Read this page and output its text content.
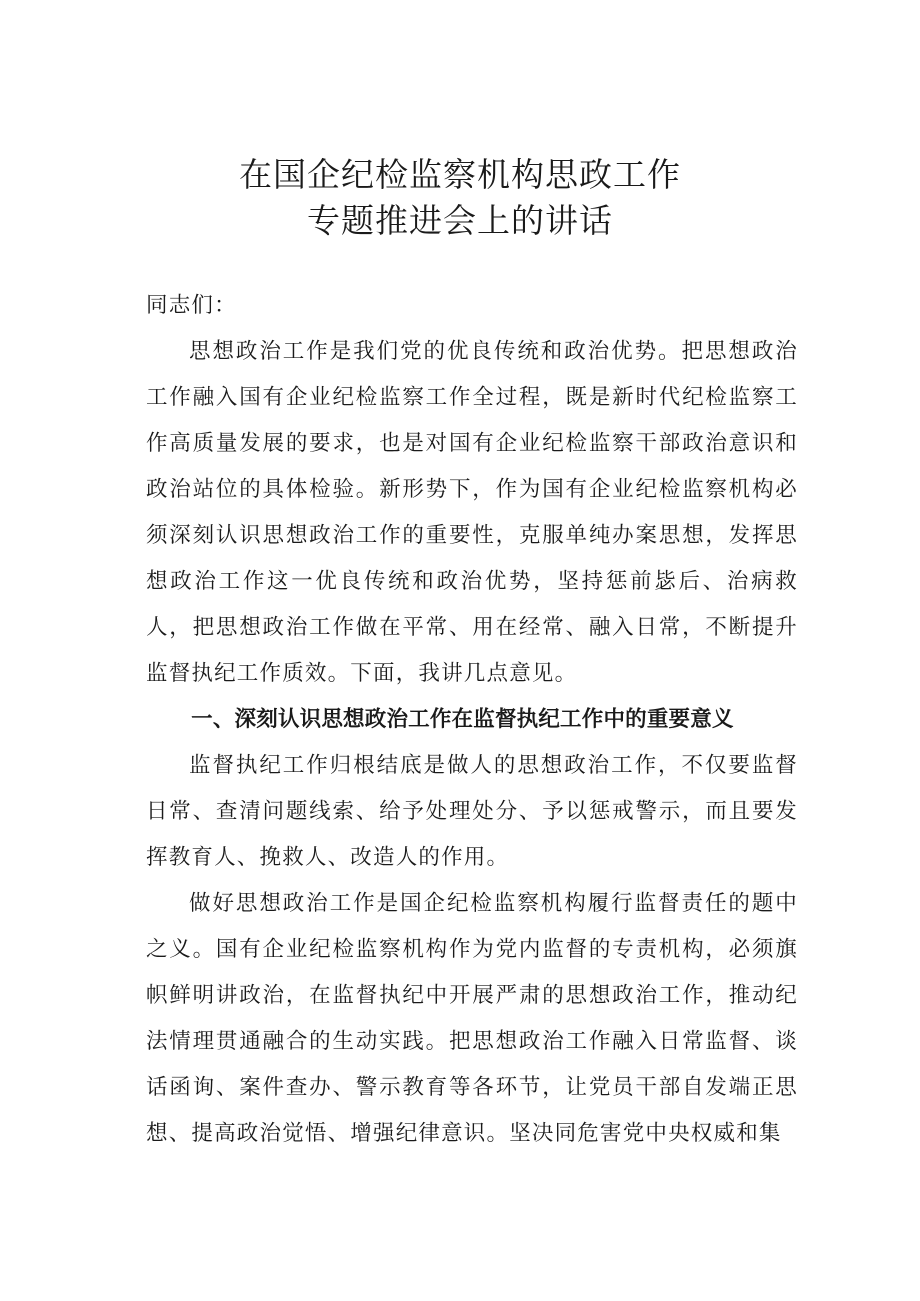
在国企纪检监察机构思政工作
专题推进会上的讲话

同志们：

思想政治工作是我们党的优良传统和政治优势。把思想政治工作融入国有企业纪检监察工作全过程，既是新时代纪检监察工作高质量发展的要求，也是对国有企业纪检监察干部政治意识和政治站位的具体检验。新形势下，作为国有企业纪检监察机构必须深刻认识思想政治工作的重要性，克服单纯办案思想，发挥思想政治工作这一优良传统和政治优势，坚持惩前毖后、治病救人，把思想政治工作做在平常、用在经常、融入日常，不断提升监督执纪工作质效。下面，我讲几点意见。

一、深刻认识思想政治工作在监督执纪工作中的重要意义

监督执纪工作归根结底是做人的思想政治工作，不仅要监督日常、查清问题线索、给予处理处分、予以惩戒警示，而且要发挥教育人、挽救人、改造人的作用。

做好思想政治工作是国企纪检监察机构履行监督责任的题中之义。国有企业纪检监察机构作为党内监督的专责机构，必须旗帜鲜明讲政治，在监督执纪中开展严肃的思想政治工作，推动纪法情理贯通融合的生动实践。把思想政治工作融入日常监督、谈话函询、案件查办、警示教育等各环节，让党员干部自发端正思想、提高政治觉悟、增强纪律意识。坚决同危害党中央权威和集
